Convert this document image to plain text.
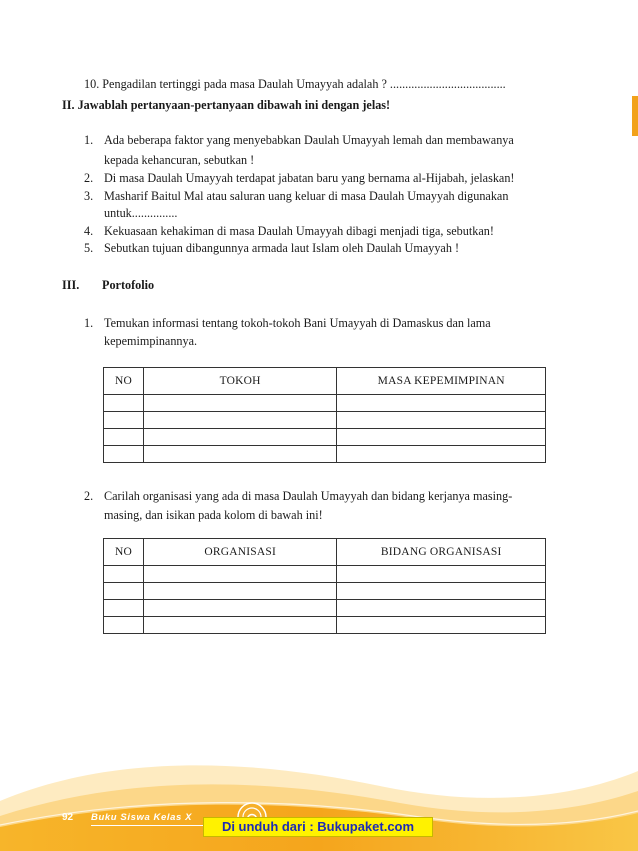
10. Pengadilan tertinggi pada masa Daulah Umayyah adalah ? ......................................
II. Jawablah pertanyaan-pertanyaan dibawah ini dengan jelas!
1. Ada beberapa faktor yang menyebabkan Daulah Umayyah lemah dan membawanya
kepada kehancuran, sebutkan !
2. Di masa Daulah Umayyah terdapat jabatan baru yang bernama al-Hijabah, jelaskan!
3. Masharif Baitul Mal atau saluran uang keluar di masa Daulah Umayyah digunakan
untuk...............
4. Kekuasaan kehakiman di masa Daulah Umayyah dibagi menjadi tiga, sebutkan!
5. Sebutkan tujuan dibangunnya armada laut Islam oleh Daulah Umayyah !
III. Portofolio
1. Temukan informasi tentang tokoh-tokoh Bani Umayyah di Damaskus dan lama
kepemimpinannya.
NO	TOKOH	MASA KEPEMIMPINAN

2. Carilah organisasi yang ada di masa Daulah Umayyah dan bidang kerjanya masing-
masing, dan isikan pada kolom di bawah ini!
NO	ORGANISASI	BIDANG ORGANISASI

92 Buku Siswa Kelas X
Di unduh dari : Bukupaket.com
